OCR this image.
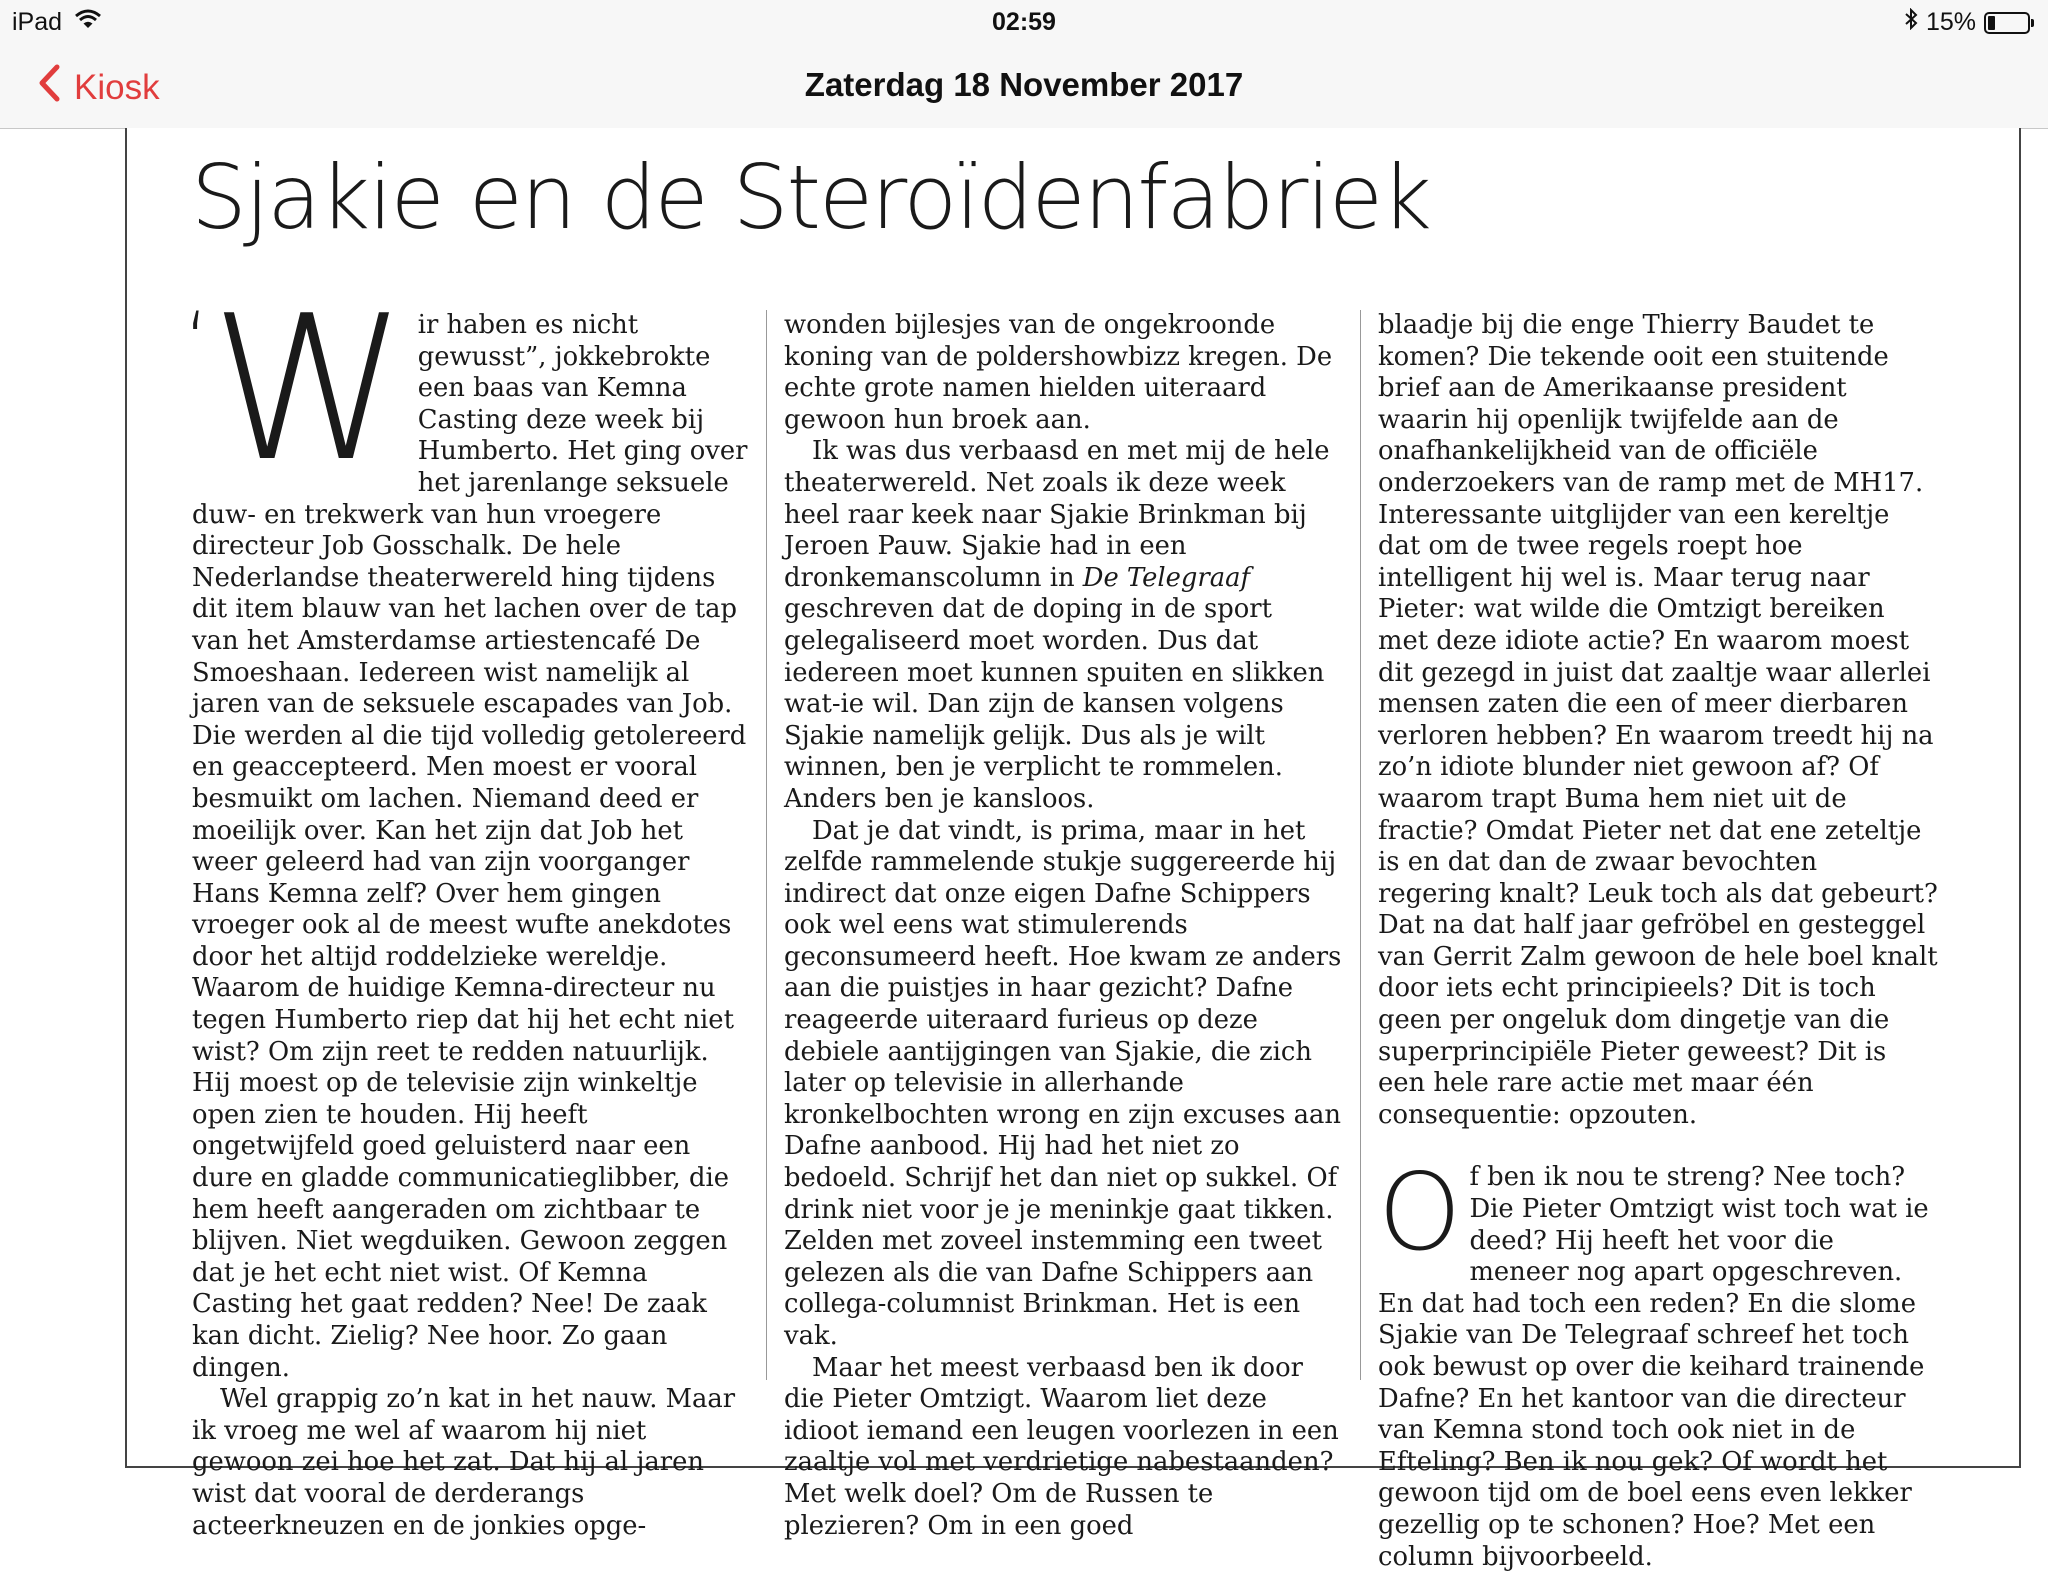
iPad	02:59	15%
Kiosk	Zaterdag 18 November 2017
Sjakie en de Steroïdenfabriek

‘ W ir haben es nicht gewusst”, jokkebrokte een baas van Kemna Casting deze week bij Humberto. Het ging over het jarenlange seksuele duw- en trekwerk van hun vroegere directeur Job Gosschalk. De hele Nederlandse theaterwereld hing tijdens dit item blauw van het lachen over de tap van het Amsterdamse artiestencafé De Smoeshaan. Iedereen wist namelijk al jaren van de seksuele escapades van Job. Die werden al die tijd volledig getolereerd en geaccepteerd. Men moest er vooral besmuikt om lachen. Niemand deed er moeilijk over. Kan het zijn dat Job het weer geleerd had van zijn voorganger Hans Kemna zelf? Over hem gingen vroeger ook al de meest wufte anekdotes door het altijd roddelzieke wereldje. Waarom de huidige Kemna-directeur nu tegen Humberto riep dat hij het echt niet wist? Om zijn reet te redden natuurlijk. Hij moest op de televisie zijn winkeltje open zien te houden. Hij heeft ongetwijfeld goed geluisterd naar een dure en gladde communicatieglibber, die hem heeft aangeraden om zichtbaar te blijven. Niet wegduiken. Gewoon zeggen dat je het echt niet wist. Of Kemna Casting het gaat redden? Nee! De zaak kan dicht. Zielig? Nee hoor. Zo gaan dingen.

Wel grappig zo’n kat in het nauw. Maar ik vroeg me wel af waarom hij niet gewoon zei hoe het zat. Dat hij al jaren wist dat vooral de derderangs acteerkneuzen en de jonkies opge-

wonden bijlesjes van de ongekroonde koning van de poldershowbizz kregen. De echte grote namen hielden uiteraard gewoon hun broek aan.

Ik was dus verbaasd en met mij de hele theaterwereld. Net zoals ik deze week heel raar keek naar Sjakie Brinkman bij Jeroen Pauw. Sjakie had in een dronkemanscolumn in De Telegraaf geschreven dat de doping in de sport gelegaliseerd moet worden. Dus dat iedereen moet kunnen spuiten en slikken wat-ie wil. Dan zijn de kansen volgens Sjakie namelijk gelijk. Dus als je wilt winnen, ben je verplicht te rommelen. Anders ben je kansloos.

Dat je dat vindt, is prima, maar in het zelfde rammelende stukje suggereerde hij indirect dat onze eigen Dafne Schippers ook wel eens wat stimulerends geconsumeerd heeft. Hoe kwam ze anders aan die puistjes in haar gezicht? Dafne reageerde uiteraard furieus op deze debiele aantijgingen van Sjakie, die zich later op televisie in allerhande kronkelbochten wrong en zijn excuses aan Dafne aanbood. Hij had het niet zo bedoeld. Schrijf het dan niet op sukkel. Of drink niet voor je je meninkje gaat tikken. Zelden met zoveel instemming een tweet gelezen als die van Dafne Schippers aan collega-columnist Brinkman. Het is een vak.

Maar het meest verbaasd ben ik door die Pieter Omtzigt. Waarom liet deze idioot iemand een leugen voorlezen in een zaaltje vol met verdrietige nabestaanden? Met welk doel? Om de Russen te plezieren? Om in een goed

blaadje bij die enge Thierry Baudet te komen? Die tekende ooit een stuitende brief aan de Amerikaanse president waarin hij openlijk twijfelde aan de onafhankelijkheid van de officiële onderzoekers van de ramp met de MH17. Interessante uitglijder van een kereltje dat om de twee regels roept hoe intelligent hij wel is. Maar terug naar Pieter: wat wilde die Omtzigt bereiken met deze idiote actie? En waarom moest dit gezegd in juist dat zaaltje waar allerlei mensen zaten die een of meer dierbaren verloren hebben? En waarom treedt hij na zo’n idiote blunder niet gewoon af? Of waarom trapt Buma hem niet uit de fractie? Omdat Pieter net dat ene zeteltje is en dat dan de zwaar bevochten regering knalt? Leuk toch als dat gebeurt? Dat na dat half jaar gefröbel en gesteggel van Gerrit Zalm gewoon de hele boel knalt door iets echt principieels? Dit is toch geen per ongeluk dom dingetje van die superprincipiële Pieter geweest? Dit is een hele rare actie met maar één consequentie: opzouten.

Of ben ik nou te streng? Nee toch? Die Pieter Omtzigt wist toch wat ie deed? Hij heeft het voor die meneer nog apart opgeschreven. En dat had toch een reden? En die slome Sjakie van De Telegraaf schreef het toch ook bewust op over die keihard trainende Dafne? En het kantoor van die directeur van Kemna stond toch ook niet in de Efteling? Ben ik nou gek? Of wordt het gewoon tijd om de boel eens even lekker gezellig op te schonen? Hoe? Met een column bijvoorbeeld.
